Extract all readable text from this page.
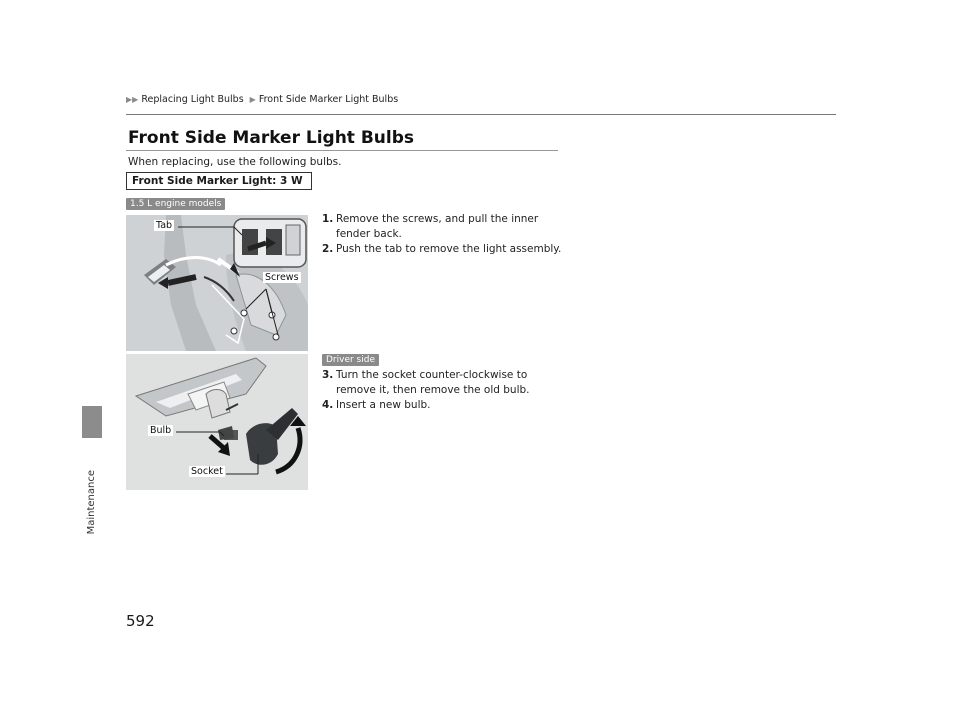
▶▶ Replacing Light Bulbs ▶ Front Side Marker Light Bulbs
Maintenance
592
Front Side Marker Light Bulbs
When replacing, use the following bulbs.
Front Side Marker Light: 3 W
1.5 L engine models
Tab
Screws
1. Remove the screws, and pull the inner fender back.
2. Push the tab to remove the light assembly.
Driver side
Bulb
Socket
3. Turn the socket counter-clockwise to remove it, then remove the old bulb.
4. Insert a new bulb.
